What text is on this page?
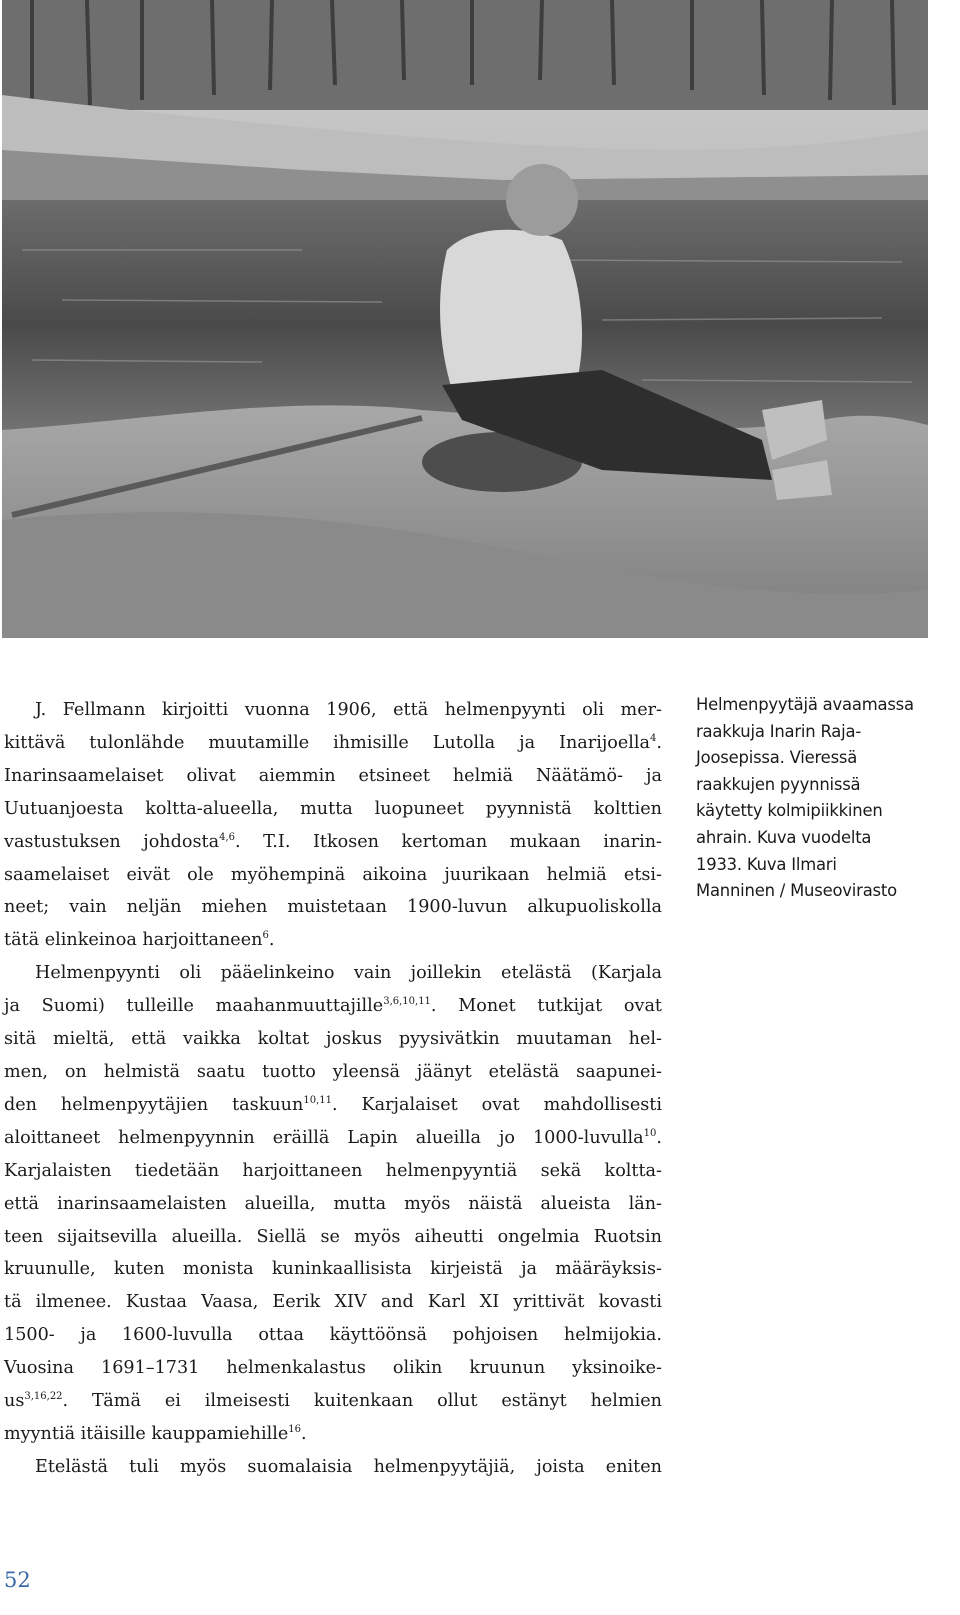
J. Fellmann kirjoitti vuonna 1906, että helmenpyynti oli mer-
kittävä tulonlähde muutamille ihmisille Lutolla ja Inarijoella$^4$.
Inarinsaamelaiset olivat aiemmin etsineet helmiä Näätämö- ja
Uutuanjoesta koltta-alueella, mutta luopuneet pyynnistä kolttien
vastustuksen johdosta$^{4,6}$. T.I. Itkosen kertoman mukaan inarin-
saamelaiset eivät ole myöhempinä aikoina juurikaan helmiä etsi-
neet; vain neljän miehen muistetaan 1900-luvun alkupuoliskolla
tätä elinkeinoa harjoittaneen$^6$.
Helmenpyynti oli pääelinkeino vain joillekin etelästä (Karjala
ja Suomi) tulleille maahanmuuttajille$^{3,6,10,11}$. Monet tutkijat ovat
sitä mieltä, että vaikka koltat joskus pyysivätkin muutaman hel-
men, on helmistä saatu tuotto yleensä jäänyt etelästä saapunei-
den helmenpyytäjien taskuun$^{10,11}$. Karjalaiset ovat mahdollisesti
aloittaneet helmenpyynnin eräillä Lapin alueilla jo 1000-luvulla$^{10}$.
Karjalaisten tiedetään harjoittaneen helmenpyyntiä sekä koltta-
että inarinsaamelaisten alueilla, mutta myös näistä alueista län-
teen sijaitsevilla alueilla. Siellä se myös aiheutti ongelmia Ruotsin
kruunulle, kuten monista kuninkaallisista kirjeistä ja määräyksis-
tä ilmenee. Kustaa Vaasa, Eerik XIV and Karl XI yrittivät kovasti
1500- ja 1600-luvulla ottaa käyttöönsä pohjoisen helmijokia.
Vuosina 1691–1731 helmenkalastus olikin kruunun yksinoike-
us$^{3,16,22}$. Tämä ei ilmeisesti kuitenkaan ollut estänyt helmien
myyntiä itäisille kauppamiehille$^{16}$.
Etelästä tuli myös suomalaisia helmenpyytäjiä, joista eniten
Helmenpyytäjä avaamassa
raakkuja Inarin Raja-
Joosepissa. Vieressä
raakkujen pyynnissä
käytetty kolmipiikkinen
ahrain. Kuva vuodelta
1933. Kuva Ilmari
Manninen / Museovirasto
52
